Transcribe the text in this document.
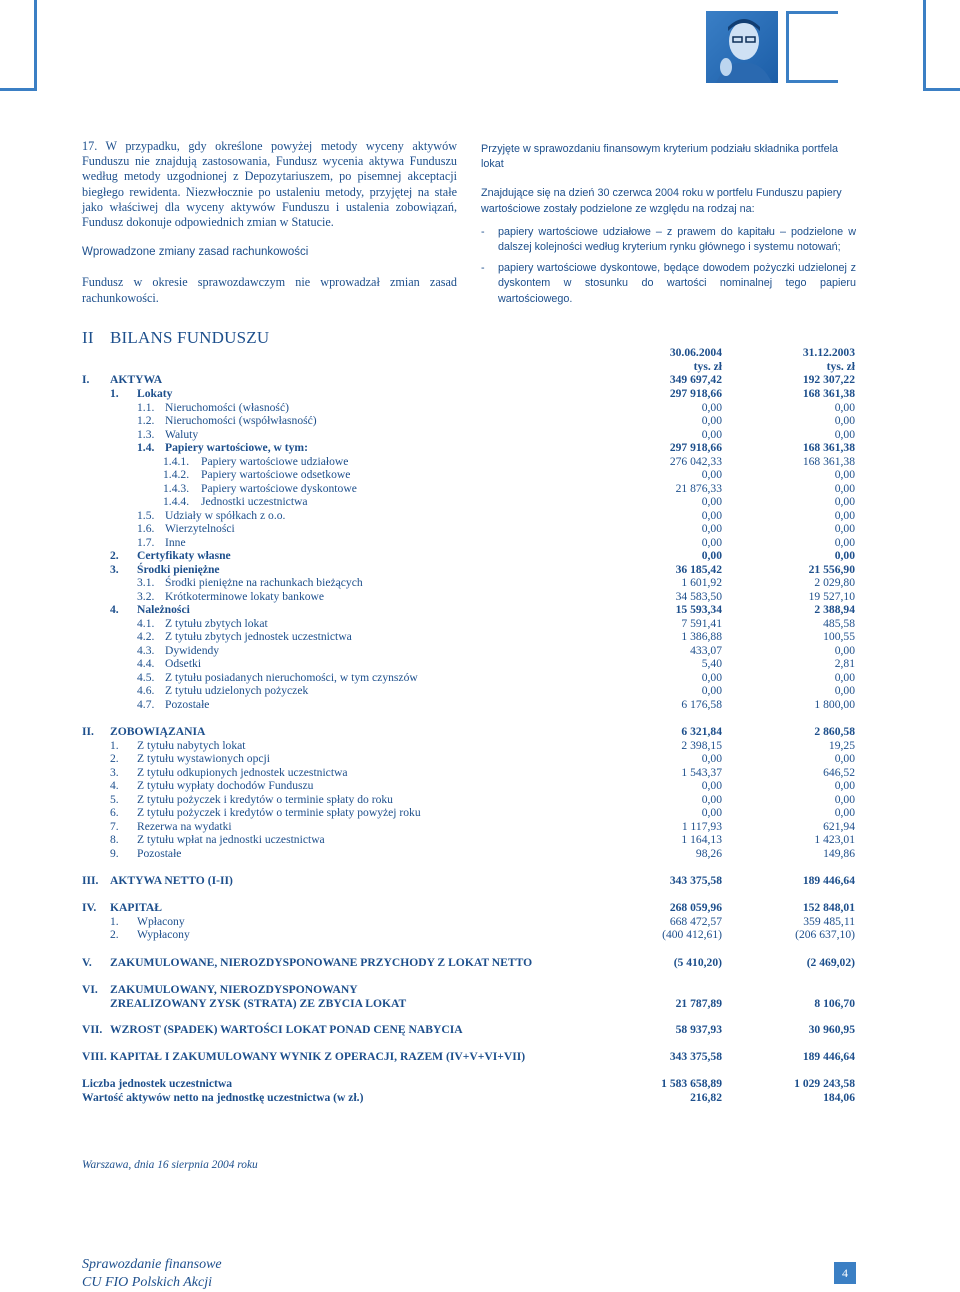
17. W przypadku, gdy określone powyżej metody wyceny aktywów Funduszu nie znajdują zastosowania, Fundusz wycenia aktywa Funduszu według metody uzgodnionej z Depozytariuszem, po pisemnej akceptacji biegłego rewidenta. Niezwłocznie po ustaleniu metody, przyjętej na stałe jako właściwej dla wyceny aktywów Funduszu i ustalenia zobowiązań, Fundusz dokonuje odpowiednich zmian w Statucie.

Wprowadzone zmiany zasad rachunkowości

Fundusz w okresie sprawozdawczym nie wprowadzał zmian zasad rachunkowości.

Przyjęte w sprawozdaniu finansowym kryterium podziału składnika portfela lokat

Znajdujące się na dzień 30 czerwca 2004 roku w portfelu Funduszu papiery wartościowe zostały podzielone ze względu na rodzaj na:

- papiery wartościowe udziałowe – z prawem do kapitału – podzielone w dalszej kolejności według kryterium rynku głównego i systemu notowań;
- papiery wartościowe dyskontowe, będące dowodem pożyczki udzielonej z dyskontem w stosunku do wartości nominalnej tego papieru wartościowego.
II BILANS FUNDUSZU
30.06.2004	31.12.2003
tys. zł	tys. zł
I. AKTYWA	349 697,42	192 307,22
1. Lokaty	297 918,66	168 361,38
1.1. Nieruchomości (własność)	0,00	0,00
1.2. Nieruchomości (współwłasność)	0,00	0,00
1.3. Waluty	0,00	0,00
1.4. Papiery wartościowe, w tym:	297 918,66	168 361,38
1.4.1. Papiery wartościowe udziałowe	276 042,33	168 361,38
1.4.2. Papiery wartościowe odsetkowe	0,00	0,00
1.4.3. Papiery wartościowe dyskontowe	21 876,33	0,00
1.4.4. Jednostki uczestnictwa	0,00	0,00
1.5. Udziały w spółkach z o.o.	0,00	0,00
1.6. Wierzytelności	0,00	0,00
1.7. Inne	0,00	0,00
2. Certyfikaty własne	0,00	0,00
3. Środki pieniężne	36 185,42	21 556,90
3.1. Środki pieniężne na rachunkach bieżących	1 601,92	2 029,80
3.2. Krótkoterminowe lokaty bankowe	34 583,50	19 527,10
4. Należności	15 593,34	2 388,94
4.1. Z tytułu zbytych lokat	7 591,41	485,58
4.2. Z tytułu zbytych jednostek uczestnictwa	1 386,88	100,55
4.3. Dywidendy	433,07	0,00
4.4. Odsetki	5,40	2,81
4.5. Z tytułu posiadanych nieruchomości, w tym czynszów	0,00	0,00
4.6. Z tytułu udzielonych pożyczek	0,00	0,00
4.7. Pozostałe	6 176,58	1 800,00
II. ZOBOWIĄZANIA	6 321,84	2 860,58
1. Z tytułu nabytych lokat	2 398,15	19,25
2. Z tytułu wystawionych opcji	0,00	0,00
3. Z tytułu odkupionych jednostek uczestnictwa	1 543,37	646,52
4. Z tytułu wypłaty dochodów Funduszu	0,00	0,00
5. Z tytułu pożyczek i kredytów o terminie spłaty do roku	0,00	0,00
6. Z tytułu pożyczek i kredytów o terminie spłaty powyżej roku	0,00	0,00
7. Rezerwa na wydatki	1 117,93	621,94
8. Z tytułu wpłat na jednostki uczestnictwa	1 164,13	1 423,01
9. Pozostałe	98,26	149,86
III. AKTYWA NETTO (I-II)	343 375,58	189 446,64
IV. KAPITAŁ	268 059,96	152 848,01
1. Wpłacony	668 472,57	359 485,11
2. Wypłacony	(400 412,61)	(206 637,10)
V. ZAKUMULOWANE, NIEROZDYSPONOWANE PRZYCHODY Z LOKAT NETTO	(5 410,20)	(2 469,02)
VI. ZAKUMULOWANY, NIEROZDYSPONOWANY
ZREALIZOWANY ZYSK (STRATA) ZE ZBYCIA LOKAT	21 787,89	8 106,70
VII. WZROST (SPADEK) WARTOŚCI LOKAT PONAD CENĘ NABYCIA	58 937,93	30 960,95
VIII. KAPITAŁ I ZAKUMULOWANY WYNIK Z OPERACJI, RAZEM (IV+V+VI+VII)	343 375,58	189 446,64
Liczba jednostek uczestnictwa	1 583 658,89	1 029 243,58
Wartość aktywów netto na jednostkę uczestnictwa (w zł.)	216,82	184,06
Warszawa, dnia 16 sierpnia 2004 roku
Sprawozdanie finansowe
CU FIO Polskich Akcji
4
